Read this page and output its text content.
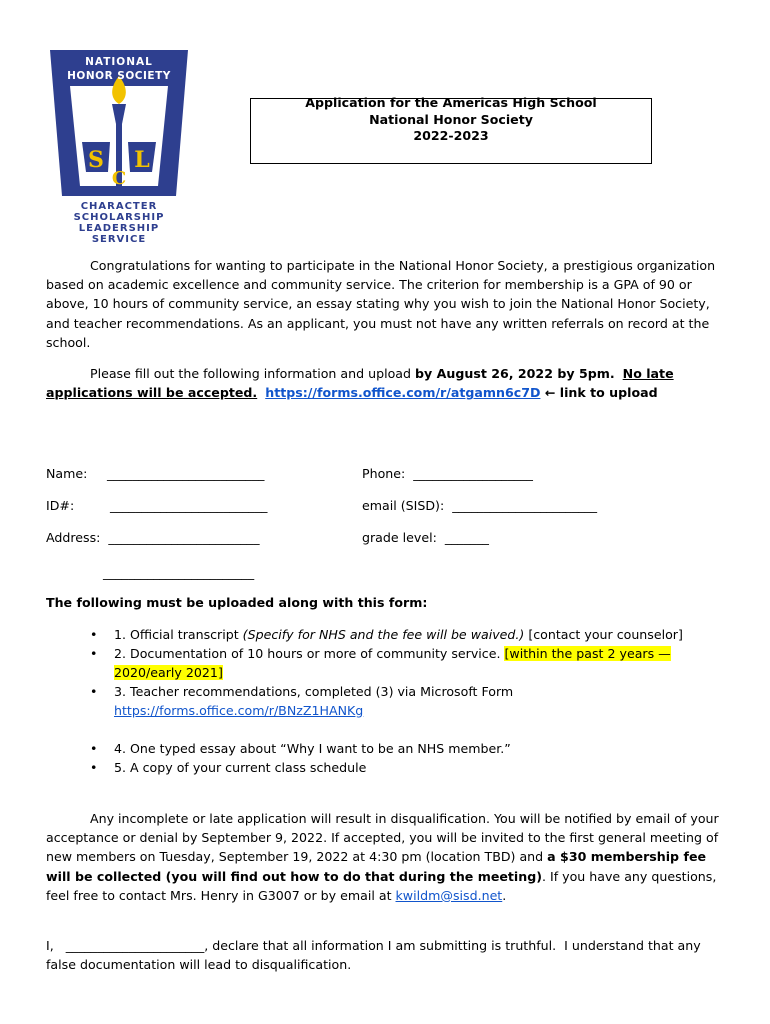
S
C
L
NATIONAL
HONOR SOCIETY
CHARACTER
SCHOLARSHIP
LEADERSHIP
SERVICE
Application for the Americas High School
National Honor Society
2022-2023

Congratulations for wanting to participate in the National Honor Society, a prestigious organization based on academic excellence and community service. The criterion for membership is a GPA of 90 or above, 10 hours of community service, an essay stating why you wish to join the National Honor Society, and teacher recommendations. As an applicant, you must not have any written referrals on record at the school.

Please fill out the following information and upload by August 26, 2022 by 5pm. No late applications will be accepted. https://forms.office.com/r/atgamn6c7D ← link to upload

Name: _________________________	Phone:  ___________________
ID#:	_________________________	email (SISD):  _______________________
Address:  ________________________	grade level:  _______
________________________
The following must be uploaded along with this form:
• 1. Official transcript (Specify for NHS and the fee will be waived.) [contact your counselor]
• 2. Documentation of 10 hours or more of community service. [within the past 2 years —2020/early 2021]
• 3. Teacher recommendations, completed (3) via Microsoft Form
https://forms.office.com/r/BNzZ1HANKg
• 4. One typed essay about “Why I want to be an NHS member.”
• 5. A copy of your current class schedule

Any incomplete or late application will result in disqualification. You will be notified by email of your acceptance or denial by September 9, 2022. If accepted, you will be invited to the first general meeting of new members on Tuesday, September 19, 2022 at 4:30 pm (location TBD) and a $30 membership fee will be collected (you will find out how to do that during the meeting). If you have any questions, feel free to contact Mrs. Henry in G3007 or by email at kwildm@sisd.net.

I,   ______________________, declare that all information I am submitting is truthful.  I understand that any false documentation will lead to disqualification.
